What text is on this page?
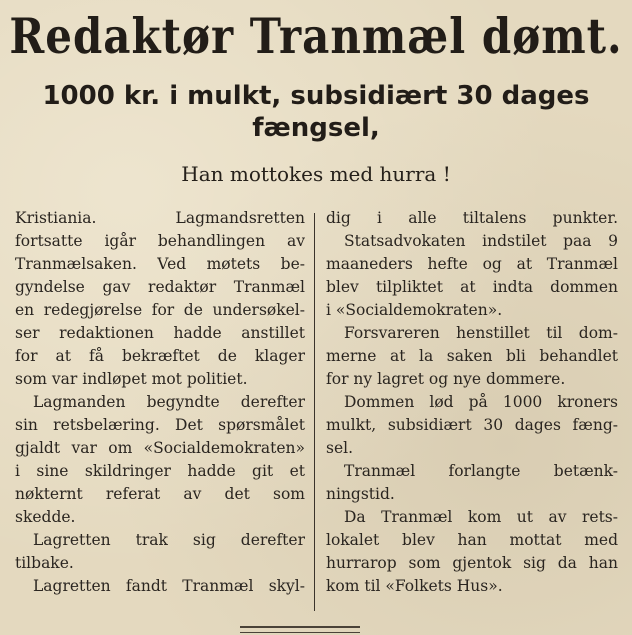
Redaktør Tranmæl dømt.
1000 kr. i mulkt, subsidiært 30 dages fængsel,
Han mottokes med hurra !
Kristiania. Lagmandsretten
fortsatte igår behandlingen av
Tranmælsaken. Ved møtets be-
gyndelse gav redaktør Tranmæl
en redegjørelse for de undersøkel-
ser redaktionen hadde anstillet
for at få bekræftet de klager
som var indløpet mot politiet.
Lagmanden begyndte derefter
sin retsbelæring. Det spørsmålet
gjaldt var om «Socialdemokraten»
i sine skildringer hadde git et
nøkternt referat av det som
skedde.
Lagretten trak sig derefter
tilbake.
Lagretten fandt Tranmæl skyl-
dig i alle tiltalens punkter.
Statsadvokaten indstilet paa 9
maaneders hefte og at Tranmæl
blev tilpliktet at indta dommen
i «Socialdemokraten».
Forsvareren henstillet til dom-
merne at la saken bli behandlet
for ny lagret og nye dommere.
Dommen lød på 1000 kroners
mulkt, subsidiært 30 dages fæng-
sel.
Tranmæl forlangte betænk-
ningstid.
Da Tranmæl kom ut av rets-
lokalet blev han mottat med
hurrarop som gjentok sig da han
kom til «Folkets Hus».
